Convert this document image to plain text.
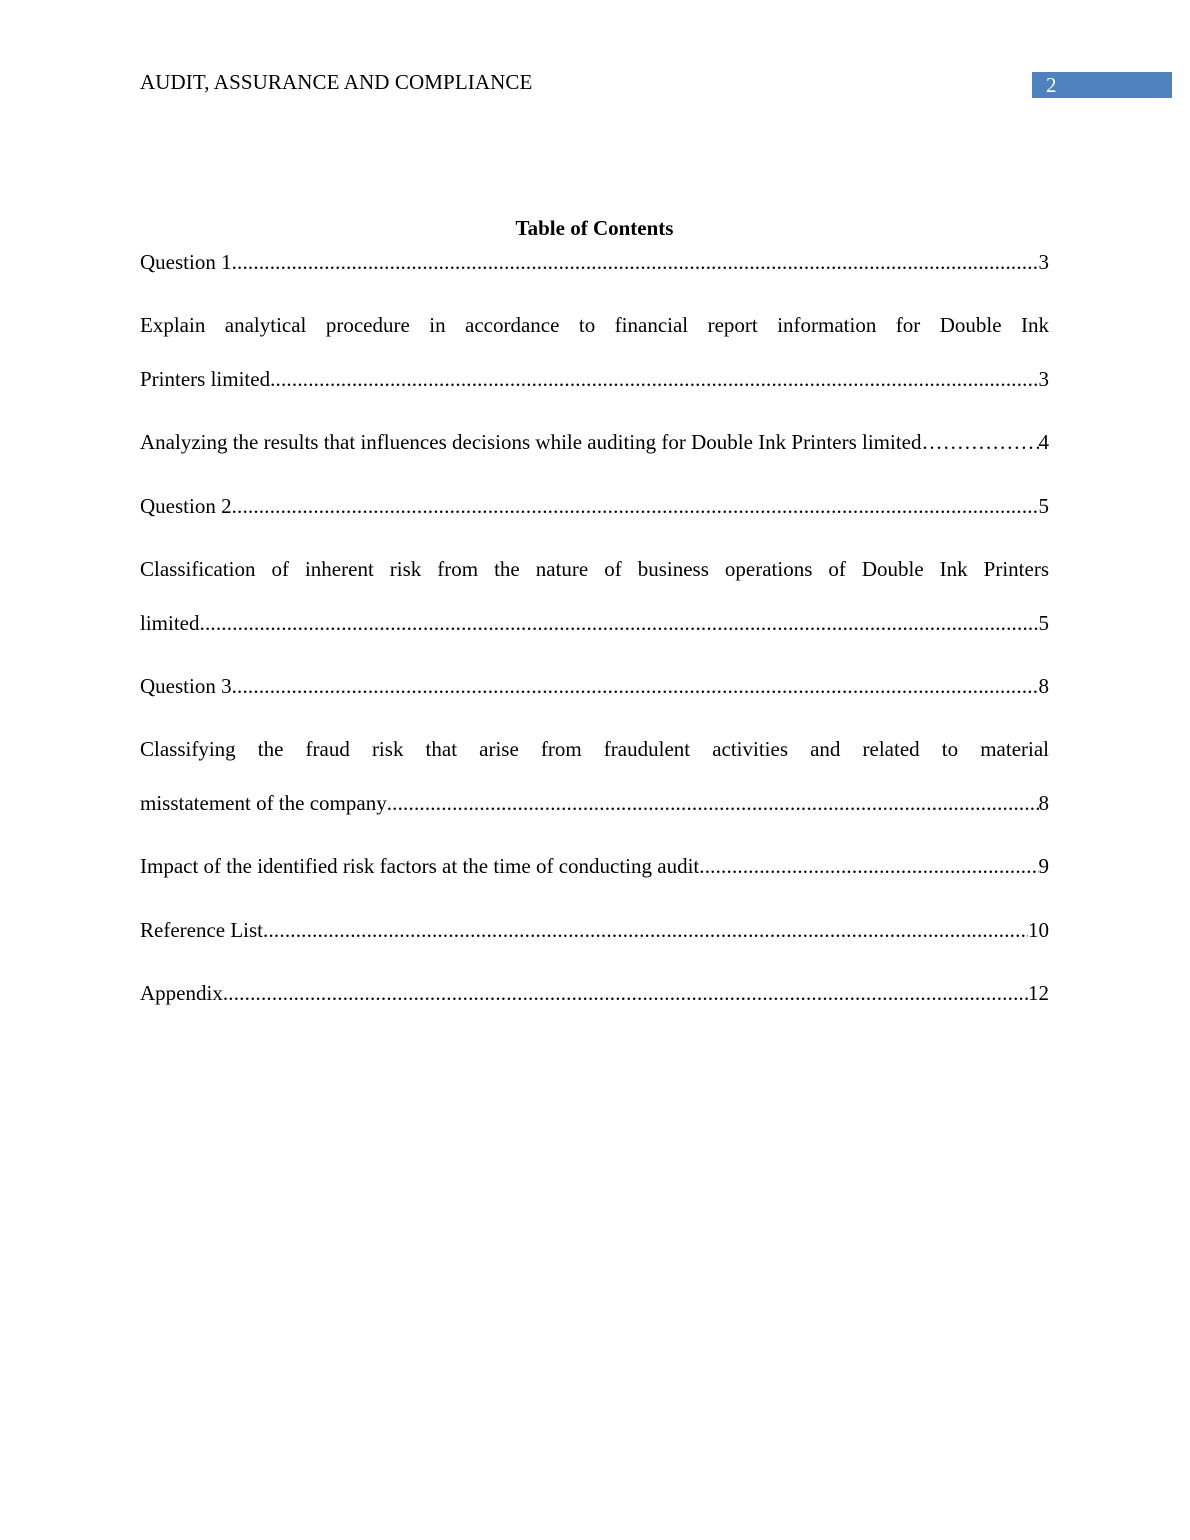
AUDIT, ASSURANCE AND COMPLIANCE	2
Table of Contents
Question 1 .....	3
Explain analytical procedure in accordance to financial report information for Double Ink
Printers limited .....	3
Analyzing the results that influences decisions while auditing for Double Ink Printers limited ………………	4
Question 2 .....	5
Classification of inherent risk from the nature of business operations of Double Ink Printers
limited .....	5
Question 3 .....	8
Classifying the fraud risk that arise from fraudulent activities and related to material
misstatement of the company .....	8
Impact of the identified risk factors at the time of conducting audit .....	9
Reference List .....	10
Appendix .....	12
